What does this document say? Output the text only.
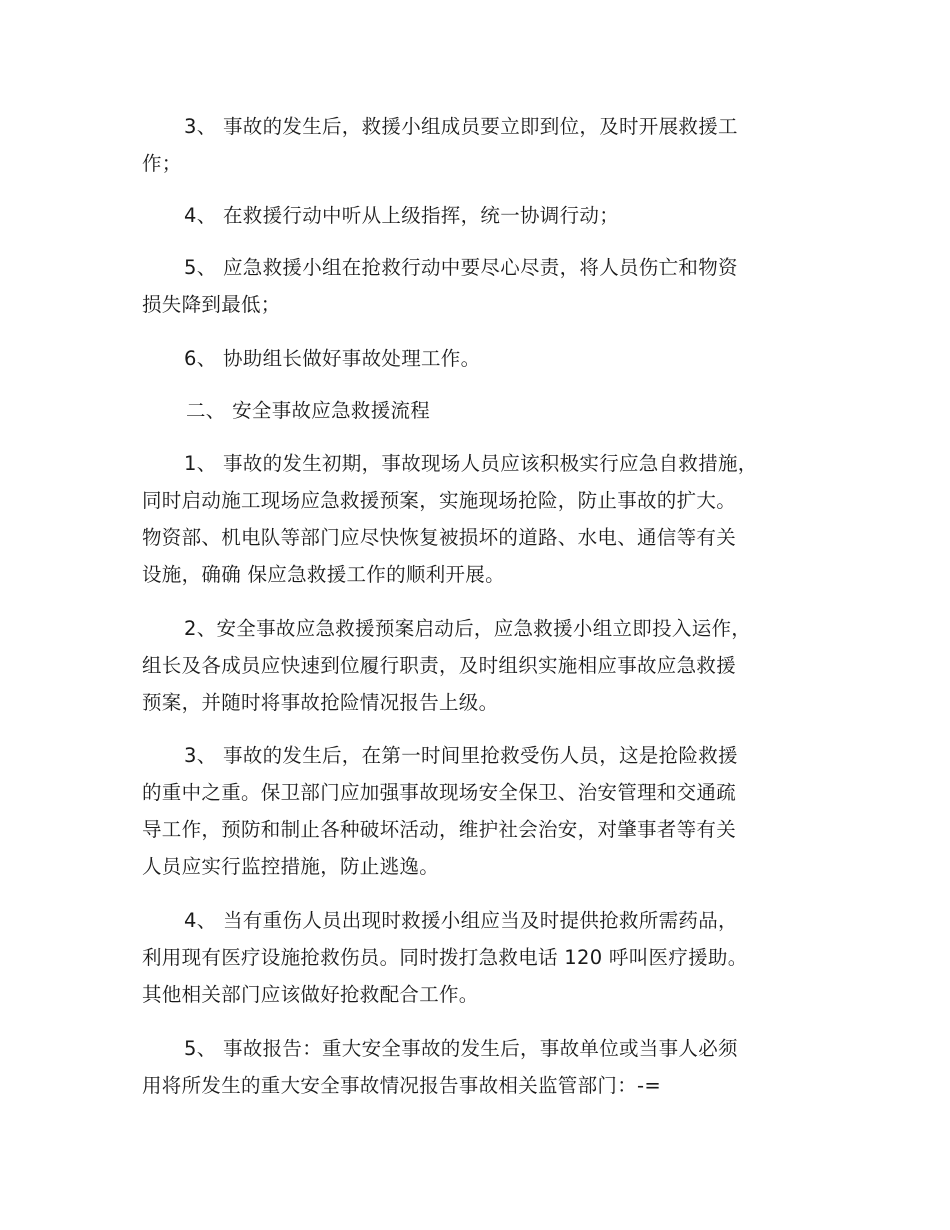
3、 事故的发生后，救援小组成员要立即到位，及时开展救援工
作；

4、 在救援行动中听从上级指挥，统一协调行动；

5、 应急救援小组在抢救行动中要尽心尽责，将人员伤亡和物资
损失降到最低；

6、 协助组长做好事故处理工作。

二、 安全事故应急救援流程

1、 事故的发生初期，事故现场人员应该积极实行应急自救措施，
同时启动施工现场应急救援预案，实施现场抢险，防止事故的扩大。
物资部、机电队等部门应尽快恢复被损坏的道路、水电、通信等有关
设施，确确 保应急救援工作的顺利开展。

2、安全事故应急救援预案启动后，应急救援小组立即投入运作，
组长及各成员应快速到位履行职责，及时组织实施相应事故应急救援
预案，并随时将事故抢险情况报告上级。

3、 事故的发生后，在第一时间里抢救受伤人员，这是抢险救援
的重中之重。保卫部门应加强事故现场安全保卫、治安管理和交通疏
导工作，预防和制止各种破坏活动，维护社会治安，对肇事者等有关
人员应实行监控措施，防止逃逸。

4、 当有重伤人员出现时救援小组应当及时提供抢救所需药品，
利用现有医疗设施抢救伤员。同时拨打急救电话 120 呼叫医疗援助。
其他相关部门应该做好抢救配合工作。

5、 事故报告：重大安全事故的发生后，事故单位或当事人必须
用将所发生的重大安全事故情况报告事故相关监管部门：-=
